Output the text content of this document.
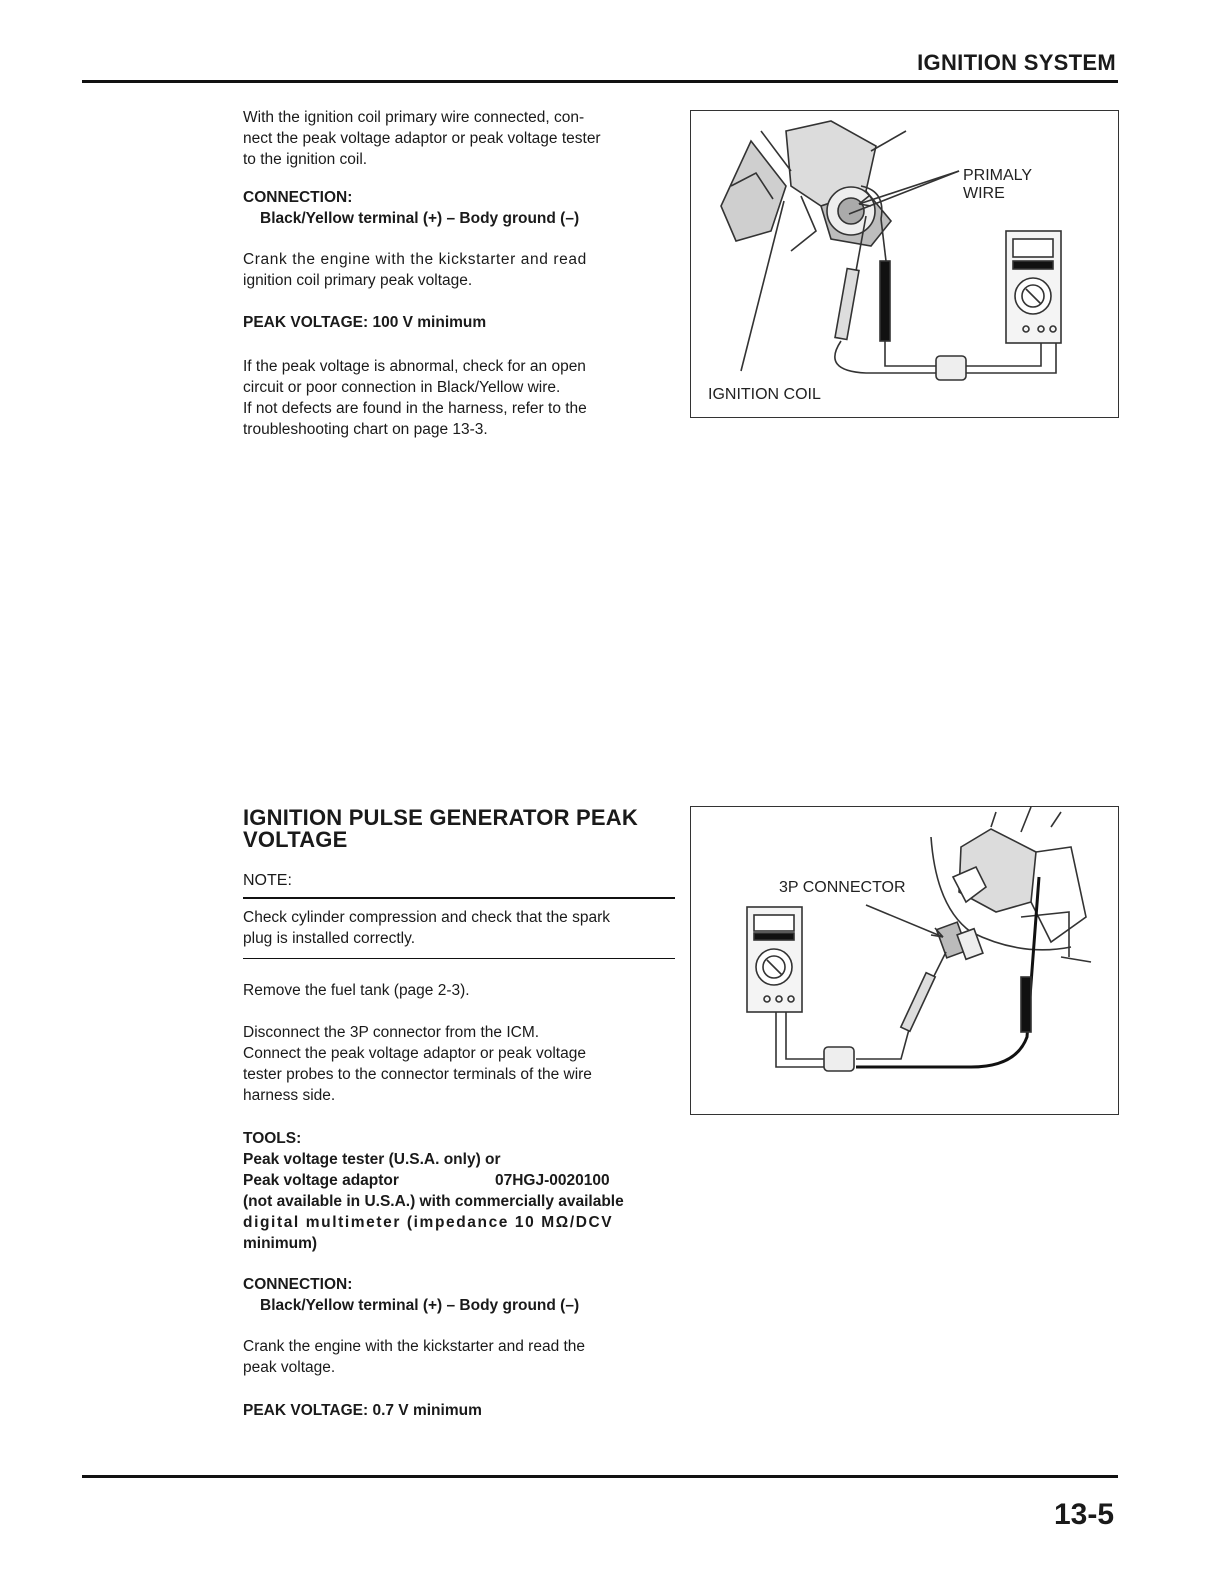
IGNITION SYSTEM

With the ignition coil primary wire connected, con-

nect the peak voltage adaptor or peak voltage tester

to the ignition coil.

CONNECTION:

Black/Yellow terminal (+) – Body ground (–)

Crank the engine with the kickstarter and read

ignition coil primary peak voltage.

PEAK VOLTAGE: 100 V minimum

If the peak voltage is abnormal, check for an open

circuit or poor connection in Black/Yellow wire.

If not defects are found in the harness, refer to the

troubleshooting chart on page 13-3.

PRIMALY
WIRE
IGNITION COIL
IGNITION PULSE GENERATOR PEAK
VOLTAGE

NOTE:

Check cylinder compression and check that the spark

plug is installed correctly.

Remove the fuel tank (page 2-3).

Disconnect the 3P connector from the ICM.

Connect the peak voltage adaptor or peak voltage

tester probes to the connector terminals of the wire

harness side.

TOOLS:

Peak voltage tester (U.S.A. only) or

Peak voltage adaptor	07HGJ-0020100

(not available in U.S.A.) with commercially available

digital multimeter (impedance 10 MΩ/DCV

minimum)

CONNECTION:

Black/Yellow terminal (+) – Body ground (–)

Crank the engine with the kickstarter and read the

peak voltage.

PEAK VOLTAGE: 0.7 V minimum

3P CONNECTOR
13-5
